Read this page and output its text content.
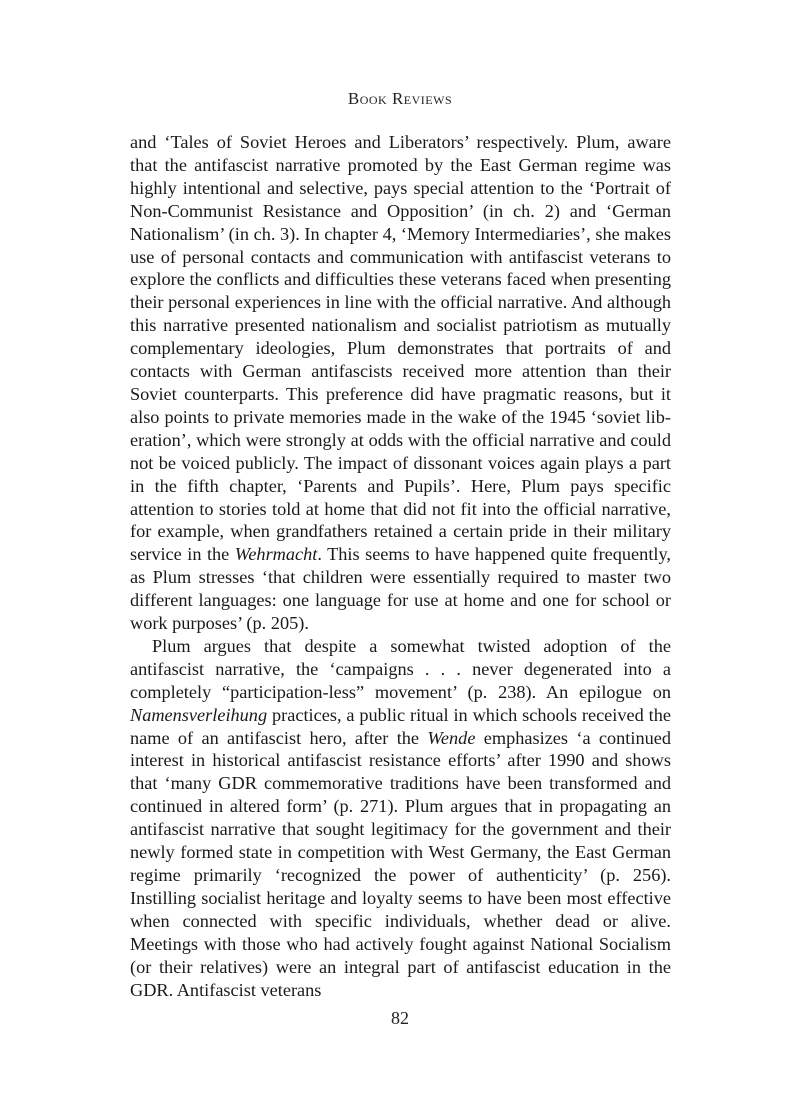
Book Reviews

and ‘Tales of Soviet Heroes and Liberators’ respectively. Plum, aware that the antifascist narrative promoted by the East German regime was highly intentional and selective, pays special attention to the ‘Portrait of Non-Communist Resistance and Opposition’ (in ch. 2) and ‘German Nationalism’ (in ch. 3). In chapter 4, ‘Memory Intermediaries’, she makes use of personal contacts and communication with antifascist veterans to explore the conflicts and difficulties these veterans faced when presenting their personal experiences in line with the official narrative. And although this narrative presented nationalism and socialist patriotism as mutually complementary ideologies, Plum demonstrates that portraits of and contacts with German antifascists received more attention than their Soviet counterparts. This preference did have pragmatic reasons, but it also points to private memories made in the wake of the 1945 ‘soviet liberation’, which were strongly at odds with the official narrative and could not be voiced publicly. The impact of dissonant voices again plays a part in the fifth chapter, ‘Parents and Pupils’. Here, Plum pays specific attention to stories told at home that did not fit into the official narrative, for example, when grandfathers retained a certain pride in their military service in the Wehrmacht. This seems to have happened quite frequently, as Plum stresses ‘that children were essentially required to master two different languages: one language for use at home and one for school or work purposes’ (p. 205).

Plum argues that despite a somewhat twisted adoption of the antifascist narrative, the ‘campaigns . . . never degenerated into a completely “participation-less” movement’ (p. 238). An epilogue on Namensverleihung practices, a public ritual in which schools received the name of an antifascist hero, after the Wende emphasizes ‘a continued interest in historical antifascist resistance efforts’ after 1990 and shows that ‘many GDR commemorative traditions have been transformed and continued in altered form’ (p. 271). Plum argues that in propagating an antifascist narrative that sought legitimacy for the government and their newly formed state in competition with West Germany, the East German regime primarily ‘recognized the power of authenticity’ (p. 256). Instilling socialist heritage and loyalty seems to have been most effective when connected with specific individuals, whether dead or alive. Meetings with those who had actively fought against National Socialism (or their relatives) were an integral part of antifascist education in the GDR. Antifascist veterans

82
